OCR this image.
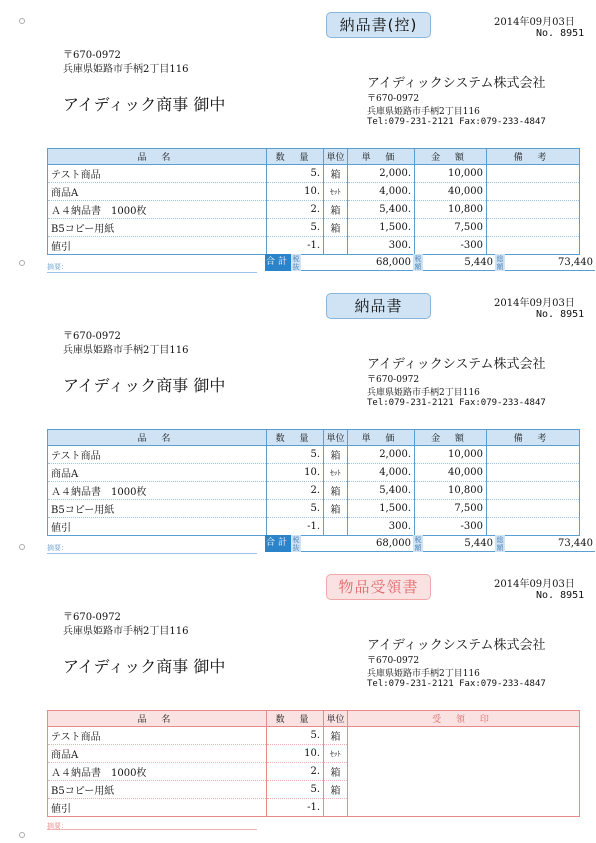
納品書(控)	2014年09月03日
No. 8951
〒670-0972
兵庫県姫路市手柄2丁目116
アイディック商事 御中
アイディックシステム株式会社
〒670-0972
兵庫県姫路市手柄2丁目116
Tel:079-231-2121 Fax:079-233-4847
品 名	数 量	単位	単 価	金 額	備 考
テスト商品	5.	箱	2,000.	10,000	
商品A	10.	ｾｯﾄ	4,000.	40,000	
Ａ４納品書　1000枚	2.	箱	5,400.	10,800	
B5コピー用紙	5.	箱	1,500.	7,500	
値引	-1.		300.	-300	
合計 税抜	68,000 税額	5,440 総額	73,440
摘要：
納品書	2014年09月03日
No. 8951
〒670-0972
兵庫県姫路市手柄2丁目116
アイディック商事 御中
アイディックシステム株式会社
〒670-0972
兵庫県姫路市手柄2丁目116
Tel:079-231-2121 Fax:079-233-4847
品 名	数 量	単位	単 価	金 額	備 考
テスト商品	5.	箱	2,000.	10,000	
商品A	10.	ｾｯﾄ	4,000.	40,000	
Ａ４納品書　1000枚	2.	箱	5,400.	10,800	
B5コピー用紙	5.	箱	1,500.	7,500	
値引	-1.		300.	-300	
合計 税抜	68,000 税額	5,440 総額	73,440
摘要：
物品受領書	2014年09月03日
No. 8951
〒670-0972
兵庫県姫路市手柄2丁目116
アイディック商事 御中
アイディックシステム株式会社
〒670-0972
兵庫県姫路市手柄2丁目116
Tel:079-231-2121 Fax:079-233-4847
品 名	数 量	単位	受 領 印
テスト商品	5.	箱	
商品A	10.	ｾｯﾄ	
Ａ４納品書　1000枚	2.	箱	
B5コピー用紙	5.	箱	
値引	-1.		
摘要：
